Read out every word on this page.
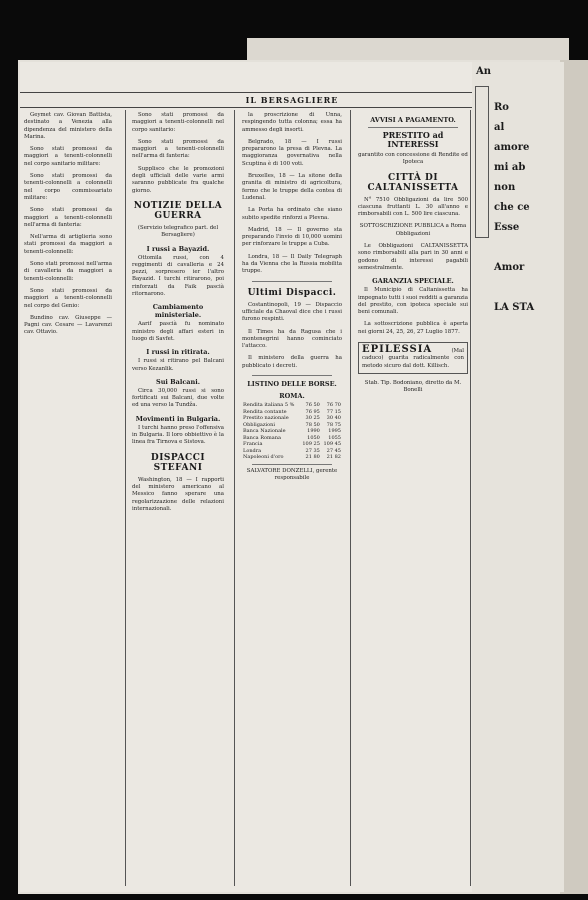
IL BERSAGLIERE

Geymet cav. Giovan Battista, destinato a Venezia alla dipendenza del ministero della Marina.

Sono stati promossi da maggiori a tenenti-colonnelli nel corpo sanitario militare:

Sono stati promossi da tenenti-colonnelli a colonnelli nel corpo commissariato militare:

Sono stati promossi da maggiori a tenenti-colonnelli nell'arma di fanteria:

Nell'arma di artiglieria sono stati promossi da maggiori a tenenti-colonnelli:

Sono stati promossi nell'arma di cavalleria da maggiori a tenenti-colonnelli:

Sono stati promossi da maggiori a tenenti-colonnelli nel corpo del Genio:

Bundino cav. Giuseppe — Pagni cav. Cesare — Lavarenzi cav. Ottavio.

Sono stati promossi da maggiori a tenenti-colonnelli nel corpo sanitario:

Sono stati promossi da maggiori a tenenti-colonnelli nell'arma di fanteria:

Supplisco che le promozioni degli ufficiali delle varie armi saranno pubblicate fra qualche giorno.

NOTIZIE DELLA GUERRA

(Servizio telegrafico part. del Bersagliere)

I russi a Bayazid.

Ottomila russi, con 4 reggimenti di cavalleria e 24 pezzi, sorpresero ier l'altro Bayazid. I turchi ritirarono, poi rinforzati da Faik pascià ritornarono.

Cambiamento ministeriale.

Aarif pascià fu nominato ministro degli affari esteri in luogo di Savfet.

I russi in ritirata.

I russi si ritirano pel Balcani verso Kezanlik.

Sui Balcani.

Circa 30,000 russi si sono fortificati sui Balcani, due volte ed una verso la Tundža.

Movimenti in Bulgaria.

I turchi hanno preso l'offensiva in Bulgaria. Il loro obbiettivo è la linea fra Tirnova e Sistova.

DISPACCI STEFANI

Washington, 18 — I rapporti del ministero americano al Messico fanno sperare una regolarizzazione delle relazioni internazionali.

la proscrizione di Unna, respingendo tutta colonna; essa ha ammesso degli insorti.

Belgrado, 18 — I russi prepararono la presa di Plevna. La maggioranza governativa nella Scuptina è di 100 voti.

Bruxelles, 18 — La sitone della granita di ministro di agricoltura, fermo che le truppe della contea di Ludenal.

La Porta ha ordinato che siano subito spedite rinforzi a Plevna.

Madrid, 18 — Il governo sta preparando l'invio di 10,000 uomini per rinforzare le truppe a Cuba.

Londra, 18 — Il Daily Telegraph ha da Vienna che la Russia mobilita truppe.

Ultimi Dispacci.

Costantinopoli, 19 — Dispaccio ufficiale da Chaoval dice che i russi furono respinti.

Il Times ha da Ragusa che i montenegrini hanno cominciato l'attacco.

Il ministero della guerra ha pubblicato i decreti.

LISTINO DELLE BORSE.
ROMA.
Rendita italiana 5 %	76 50	76 70
Rendita contante	76 95	77 15
Prestito nazionale	30 25	30 40
Obbligazioni	78 50	78 75
Banca Nazionale	1990	1995
Banca Romana	1050	1055
Francia	109 25	109 45
Londra	27 35	27 45
Napoleoni d'oro	21 80	21 82

SALVATORE DONZELLI, gerente responsabile

AVVISI A PAGAMENTO.
PRESTITO ad INTERESSI

garantito con concessione di Rendite ed Ipoteca

CITTÀ DI CALTANISSETTA

N° 7510 Obbligazioni da lire 500 ciascuna fruttanti L. 30 all'anno e rimborsabili con L. 500 lire ciascuna.

SOTTOSCRIZIONE PUBBLICA a Roma Obbligazioni

Le Obbligazioni CALTANISSETTA sono rimborsabili alla pari in 30 anni e godono di interessi pagabili semestralmente.

GARANZIA SPECIALE.

Il Municipio di Caltanissetta ha impegnato tutti i suoi redditi a garanzia del prestito, con ipoteca speciale sui beni comunali.

La sottoscrizione pubblica è aperta nei giorni 24, 25, 26, 27 Luglio 1877.

EPILESSIA	(Mal caduco) guarita radicalmente con metodo sicuro dal dott. Killisch.

Stab. Tip. Bodoniano, diretto da M. Bonelli

An
Ro
al
amore
mi ab
non
che ce
Esse
Amor
LA STA
